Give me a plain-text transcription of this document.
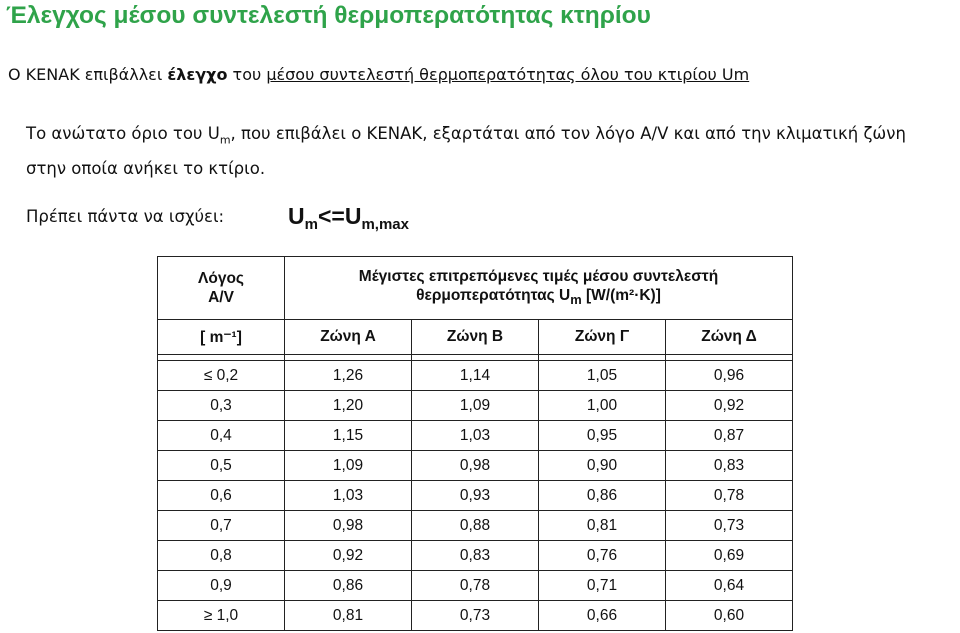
Έλεγχος μέσου συντελεστή θερμοπερατότητας κτηρίου
Ο ΚΕΝΑΚ επιβάλλει έλεγχο του μέσου συντελεστή θερμοπερατότητας όλου του κτιρίου Um
Το ανώτατο όριο του $U_m$, που επιβάλει ο ΚΕΝΑΚ, εξαρτάται από τον λόγο Α/V και από την κλιματική ζώνη στην οποία ανήκει το κτίριο.
Πρέπει πάντα να ισχύει:	$U_m<=U_{m,max}$
Λόγος
A/V	Μέγιστες επιτρεπόμενες τιμές μέσου συντελεστή
θερμοπερατότητας $U_m$ [W/(m²·K)]			
[ m⁻¹]	Ζώνη Α	Ζώνη Β	Ζώνη Γ	Ζώνη Δ

≤ 0,2	1,26	1,14	1,05	0,96
0,3	1,20	1,09	1,00	0,92
0,4	1,15	1,03	0,95	0,87
0,5	1,09	0,98	0,90	0,83
0,6	1,03	0,93	0,86	0,78
0,7	0,98	0,88	0,81	0,73
0,8	0,92	0,83	0,76	0,69
0,9	0,86	0,78	0,71	0,64
≥ 1,0	0,81	0,73	0,66	0,60
